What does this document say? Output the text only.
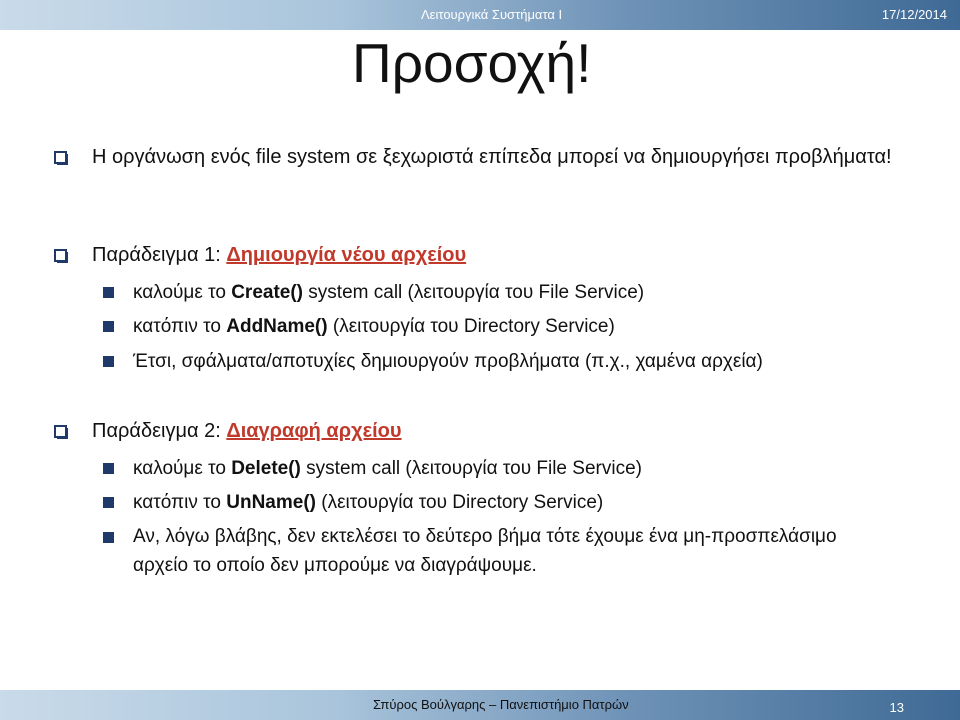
Λειτουργικά Συστήματα Ι	17/12/2014
Προσοχή!
Η οργάνωση ενός file system σε ξεχωριστά επίπεδα μπορεί να δημιουργήσει προβλήματα!
Παράδειγμα 1: Δημιουργία νέου αρχείου
καλούμε το Create() system call (λειτουργία του File Service)
κατόπιν το AddName() (λειτουργία του Directory Service)
Έτσι, σφάλματα/αποτυχίες δημιουργούν προβλήματα (π.χ., χαμένα αρχεία)
Παράδειγμα 2: Διαγραφή αρχείου
καλούμε το Delete() system call (λειτουργία του File Service)
κατόπιν το UnName() (λειτουργία του Directory Service)
Αν, λόγω βλάβης, δεν εκτελέσει το δεύτερο βήμα τότε έχουμε ένα μη-προσπελάσιμο αρχείο το οποίο δεν μπορούμε να διαγράψουμε.
Σπύρος Βούλγαρης – Πανεπιστήμιο Πατρών	13
